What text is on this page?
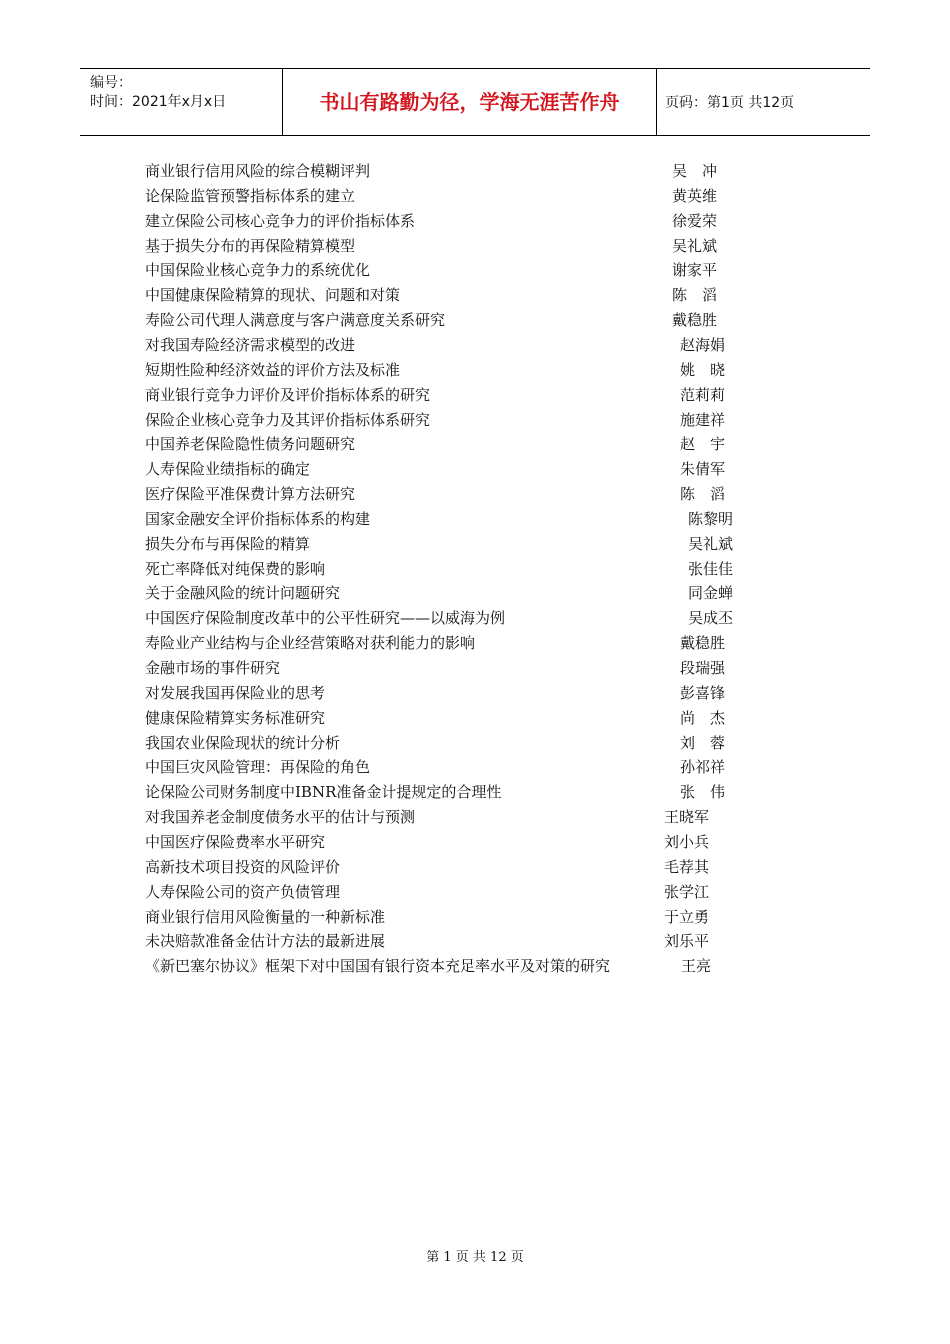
编号：
时间：2021年x月x日	书山有路勤为径，学海无涯苦作舟	页码：第1页 共12页
商业银行信用风险的综合模糊评判	吴　冲
论保险监管预警指标体系的建立	黄英维
建立保险公司核心竞争力的评价指标体系	徐爱荣
基于损失分布的再保险精算模型	吴礼斌
中国保险业核心竞争力的系统优化	谢家平
中国健康保险精算的现状、问题和对策	陈　滔
寿险公司代理人满意度与客户满意度关系研究	戴稳胜
对我国寿险经济需求模型的改进	赵海娟
短期性险种经济效益的评价方法及标准	姚　晓
商业银行竞争力评价及评价指标体系的研究	范莉莉
保险企业核心竞争力及其评价指标体系研究	施建祥
中国养老保险隐性债务问题研究	赵　宇
人寿保险业绩指标的确定	朱倩军
医疗保险平准保费计算方法研究	陈　滔
国家金融安全评价指标体系的构建	陈黎明
损失分布与再保险的精算	吴礼斌
死亡率降低对纯保费的影响	张佳佳
关于金融风险的统计问题研究	同金蝉
中国医疗保险制度改革中的公平性研究——以威海为例	吴成丕
寿险业产业结构与企业经营策略对获利能力的影响	戴稳胜
金融市场的事件研究	段瑞强
对发展我国再保险业的思考	彭喜锋
健康保险精算实务标准研究	尚　杰
我国农业保险现状的统计分析	刘　蓉
中国巨灾风险管理：再保险的角色	孙祁祥
论保险公司财务制度中IBNR准备金计提规定的合理性	张　伟
对我国养老金制度债务水平的估计与预测	王晓军
中国医疗保险费率水平研究	刘小兵
高新技术项目投资的风险评价	毛荐其
人寿保险公司的资产负债管理	张学江
商业银行信用风险衡量的一种新标准	于立勇
未决赔款准备金估计方法的最新进展	刘乐平
《新巴塞尔协议》框架下对中国国有银行资本充足率水平及对策的研究	王亮
第 1 页 共 12 页
